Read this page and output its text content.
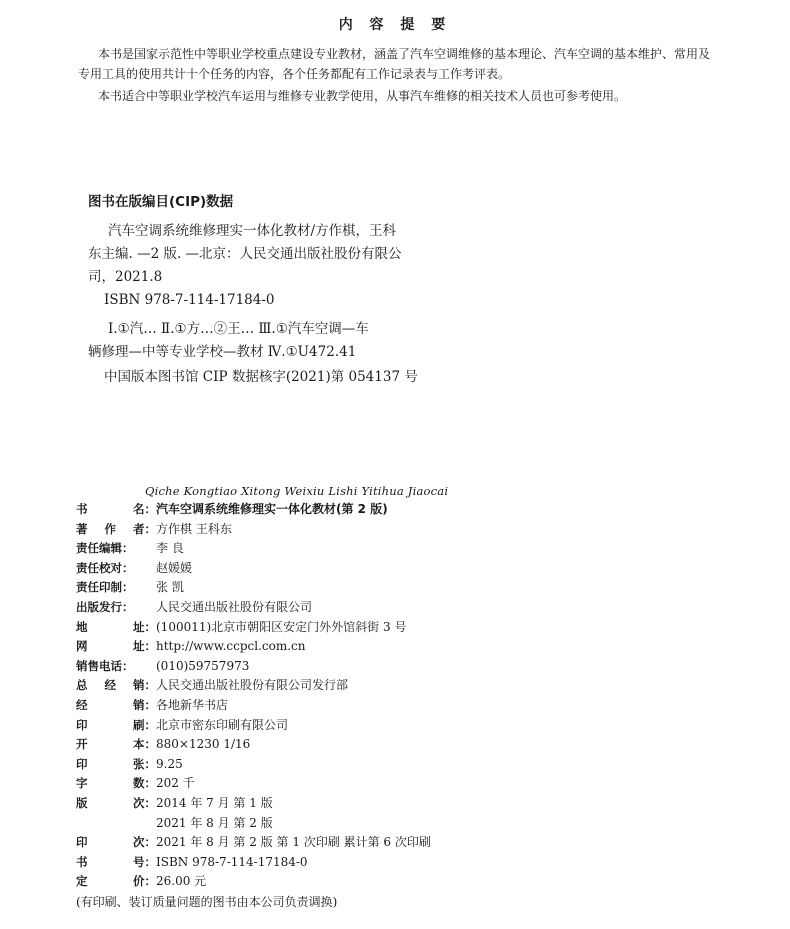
内 容 提 要
本书是国家示范性中等职业学校重点建设专业教材，涵盖了汽车空调维修的基本理论、汽车空调的基本维护、常用及
专用工具的使用共计十个任务的内容，各个任务都配有工作记录表与工作考评表。
本书适合中等职业学校汽车运用与维修专业教学使用，从事汽车维修的相关技术人员也可参考使用。
图书在版编目(CIP)数据
汽车空调系统维修理实一体化教材/方作棋，王科
东主编. —2 版. —北京：人民交通出版社股份有限公
司，2021.8
ISBN 978-7-114-17184-0
Ⅰ.①汽… Ⅱ.①方…②王… Ⅲ.①汽车空调—车
辆修理—中等专业学校—教材 Ⅳ.①U472.41
中国版本图书馆 CIP 数据核字(2021)第 054137 号
Qiche Kongtiao Xitong Weixiu Lishi Yitihua Jiaocai
书	名： 汽车空调系统维修理实一体化教材(第 2 版)
著 作 者： 方作棋 王科东
责任编辑： 李 良
责任校对： 赵媛媛
责任印制： 张 凯
出版发行： 人民交通出版社股份有限公司
地	址： (100011)北京市朝阳区安定门外外馆斜街 3 号
网	址： http://www.ccpcl.com.cn
销售电话： (010)59757973
总 经 销： 人民交通出版社股份有限公司发行部
经	销： 各地新华书店
印	刷： 北京市密东印刷有限公司
开	本： 880×1230 1/16
印	张： 9.25
字	数： 202 千
版	次： 2014 年 7 月 第 1 版
2021 年 8 月 第 2 版
印	次： 2021 年 8 月 第 2 版 第 1 次印刷 累计第 6 次印刷
书	号： ISBN 978-7-114-17184-0
定	价： 26.00 元
(有印刷、装订质量问题的图书由本公司负责调换)
